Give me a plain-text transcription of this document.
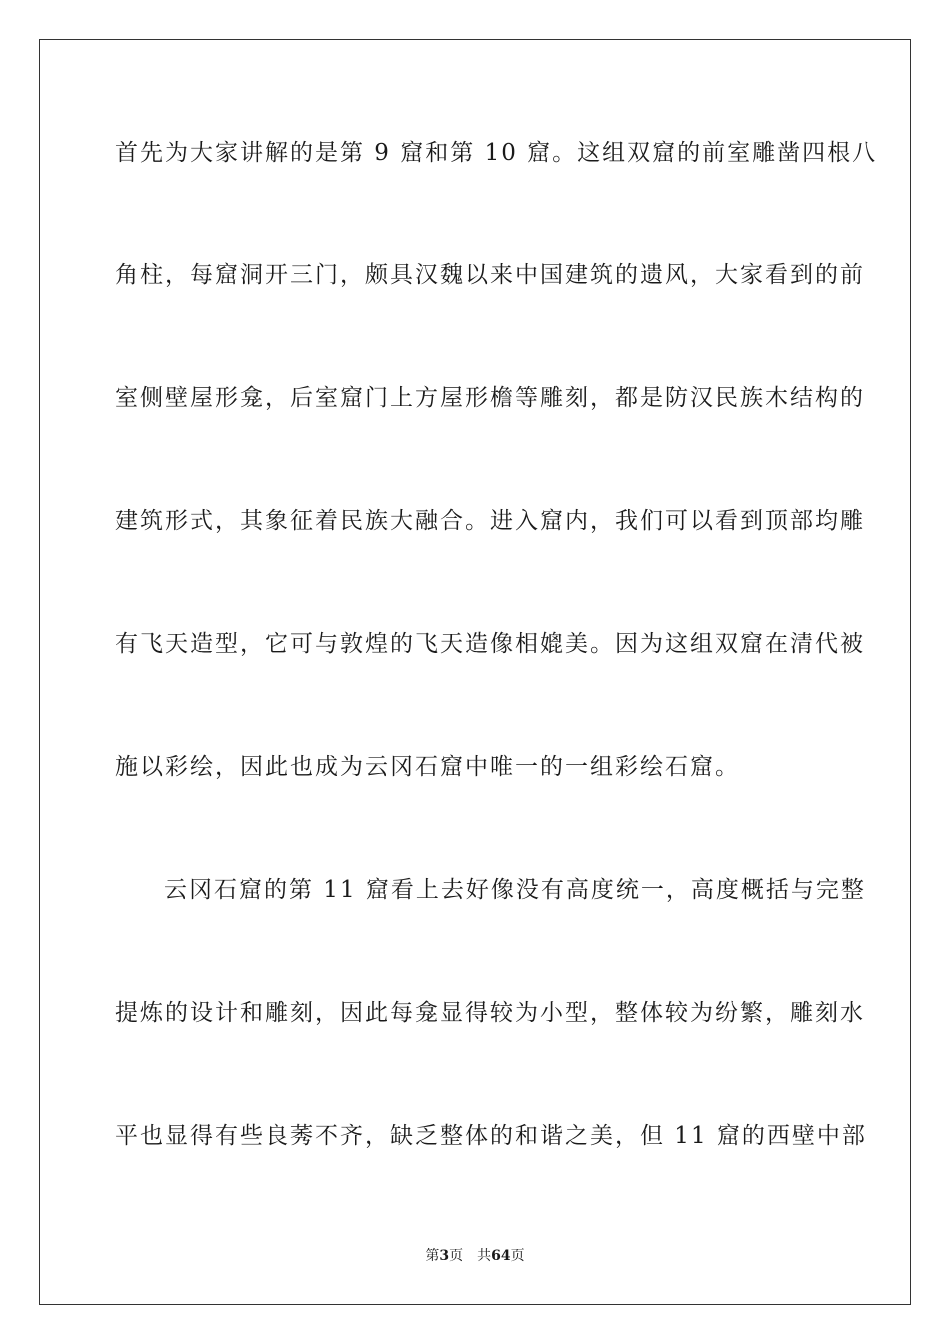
首先为大家讲解的是第 9 窟和第 10 窟。这组双窟的前室雕凿四根八
角柱，每窟洞开三门，颇具汉魏以来中国建筑的遗风，大家看到的前
室侧壁屋形龛，后室窟门上方屋形檐等雕刻，都是防汉民族木结构的
建筑形式，其象征着民族大融合。进入窟内，我们可以看到顶部均雕
有飞天造型，它可与敦煌的飞天造像相媲美。因为这组双窟在清代被
施以彩绘，因此也成为云冈石窟中唯一的一组彩绘石窟。
云冈石窟的第 11 窟看上去好像没有高度统一，高度概括与完整
提炼的设计和雕刻，因此每龛显得较为小型，整体较为纷繁，雕刻水
平也显得有些良莠不齐，缺乏整体的和谐之美，但 11 窟的西壁中部
第3页 共64页
